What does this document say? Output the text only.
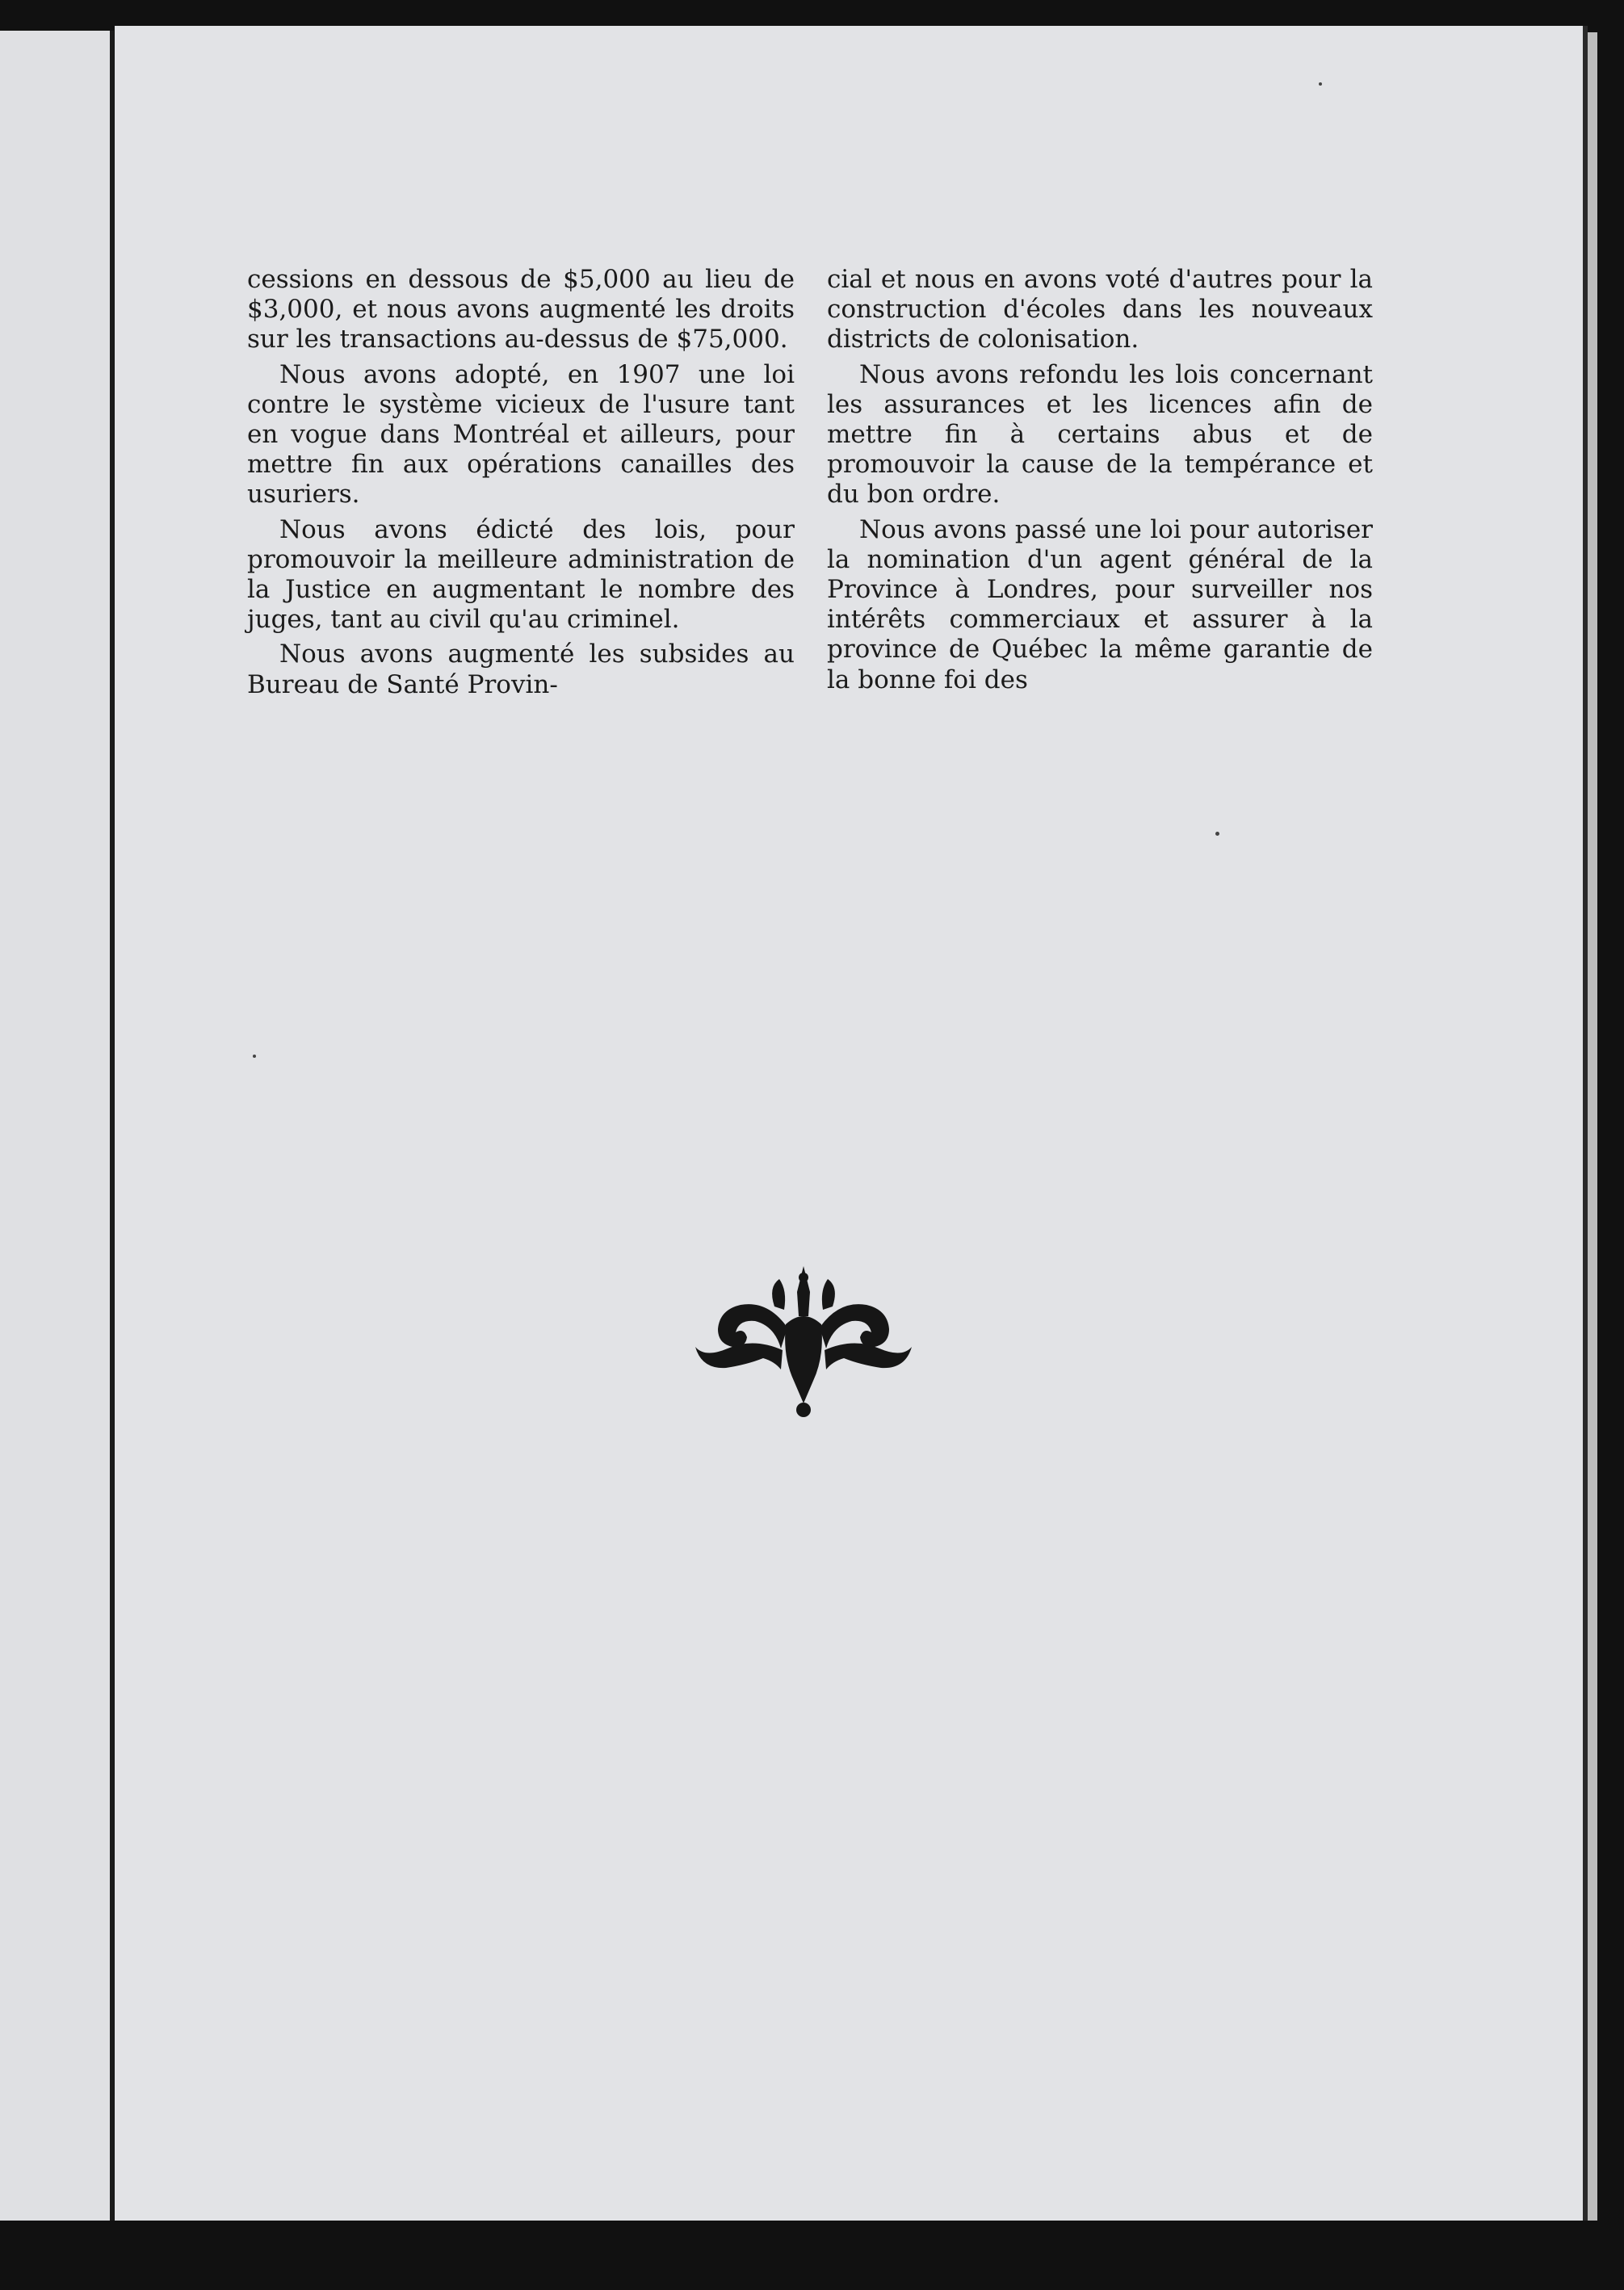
cessions en dessous de $5,000 au lieu de $3,000, et nous avons augmenté les droits sur les transactions au-dessus de $75,000.

Nous avons adopté, en 1907 une loi contre le système vicieux de l'usure tant en vogue dans Montréal et ailleurs, pour mettre fin aux opérations canailles des usuriers.

Nous avons édicté des lois, pour promouvoir la meilleure administration de la Justice en augmentant le nombre des juges, tant au civil qu'au criminel.

Nous avons augmenté les subsides au Bureau de Santé Provin-

cial et nous en avons voté d'autres pour la construction d'écoles dans les nouveaux districts de colonisation.

Nous avons refondu les lois concernant les assurances et les licences afin de mettre fin à certains abus et de promouvoir la cause de la tempérance et du bon ordre.

Nous avons passé une loi pour autoriser la nomination d'un agent général de la Province à Londres, pour surveiller nos intérêts commerciaux et assurer à la province de Québec la même garantie de la bonne foi des
